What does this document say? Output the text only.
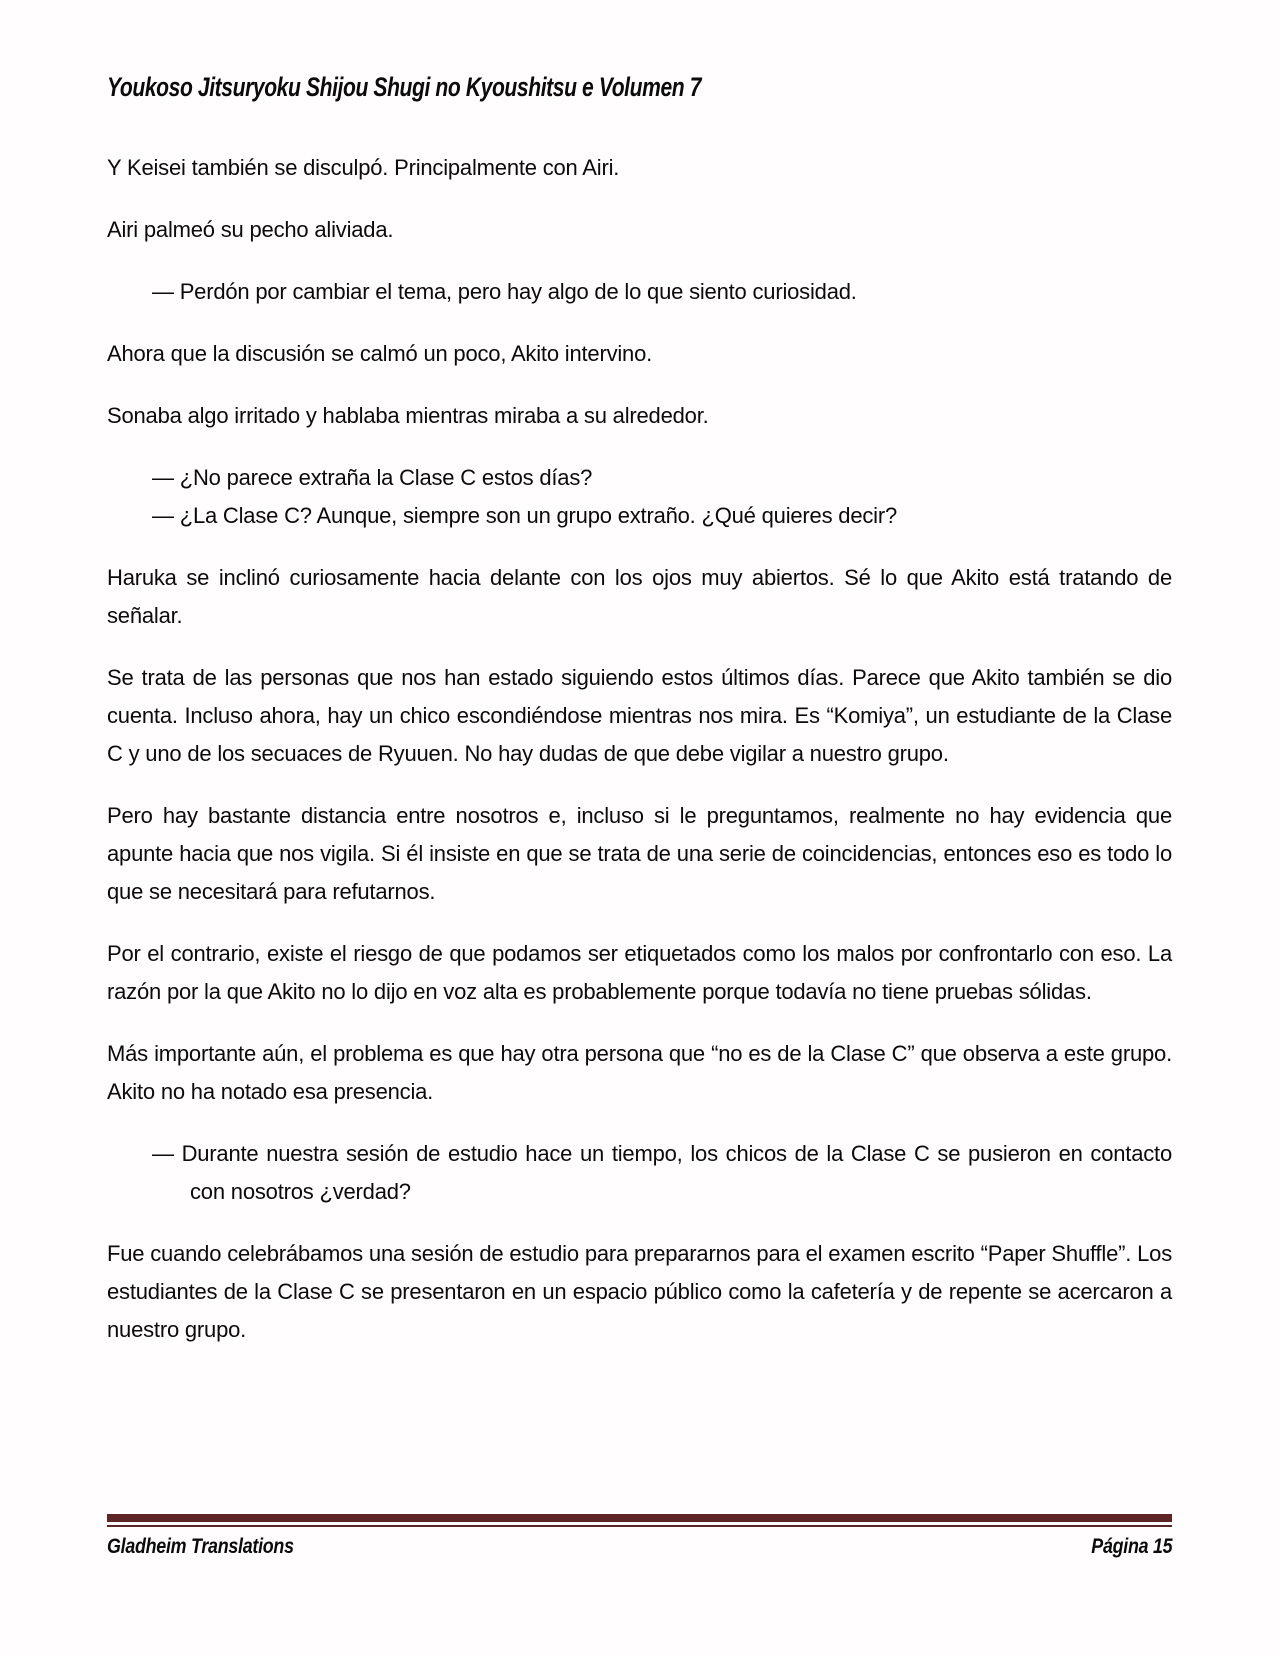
Youkoso Jitsuryoku Shijou Shugi no Kyoushitsu e Volumen 7

Y Keisei también se disculpó. Principalmente con Airi.

Airi palmeó su pecho aliviada.

— Perdón por cambiar el tema, pero hay algo de lo que siento curiosidad.

Ahora que la discusión se calmó un poco, Akito intervino.

Sonaba algo irritado y hablaba mientras miraba a su alrededor.

— ¿No parece extraña la Clase C estos días?

— ¿La Clase C? Aunque, siempre son un grupo extraño. ¿Qué quieres decir?

Haruka se inclinó curiosamente hacia delante con los ojos muy abiertos. Sé lo que Akito está tratando de señalar.

Se trata de las personas que nos han estado siguiendo estos últimos días. Parece que Akito también se dio cuenta. Incluso ahora, hay un chico escondiéndose mientras nos mira. Es “Komiya”, un estudiante de la Clase C y uno de los secuaces de Ryuuen. No hay dudas de que debe vigilar a nuestro grupo.

Pero hay bastante distancia entre nosotros e, incluso si le preguntamos, realmente no hay evidencia que apunte hacia que nos vigila. Si él insiste en que se trata de una serie de coincidencias, entonces eso es todo lo que se necesitará para refutarnos.

Por el contrario, existe el riesgo de que podamos ser etiquetados como los malos por confrontarlo con eso. La razón por la que Akito no lo dijo en voz alta es probablemente porque todavía no tiene pruebas sólidas.

Más importante aún, el problema es que hay otra persona que “no es de la Clase C” que observa a este grupo. Akito no ha notado esa presencia.

— Durante nuestra sesión de estudio hace un tiempo, los chicos de la Clase C se pusieron en contacto con nosotros ¿verdad?

Fue cuando celebrábamos una sesión de estudio para prepararnos para el examen escrito “Paper Shuffle”. Los estudiantes de la Clase C se presentaron en un espacio público como la cafetería y de repente se acercaron a nuestro grupo.

Gladheim Translations	Página 15
